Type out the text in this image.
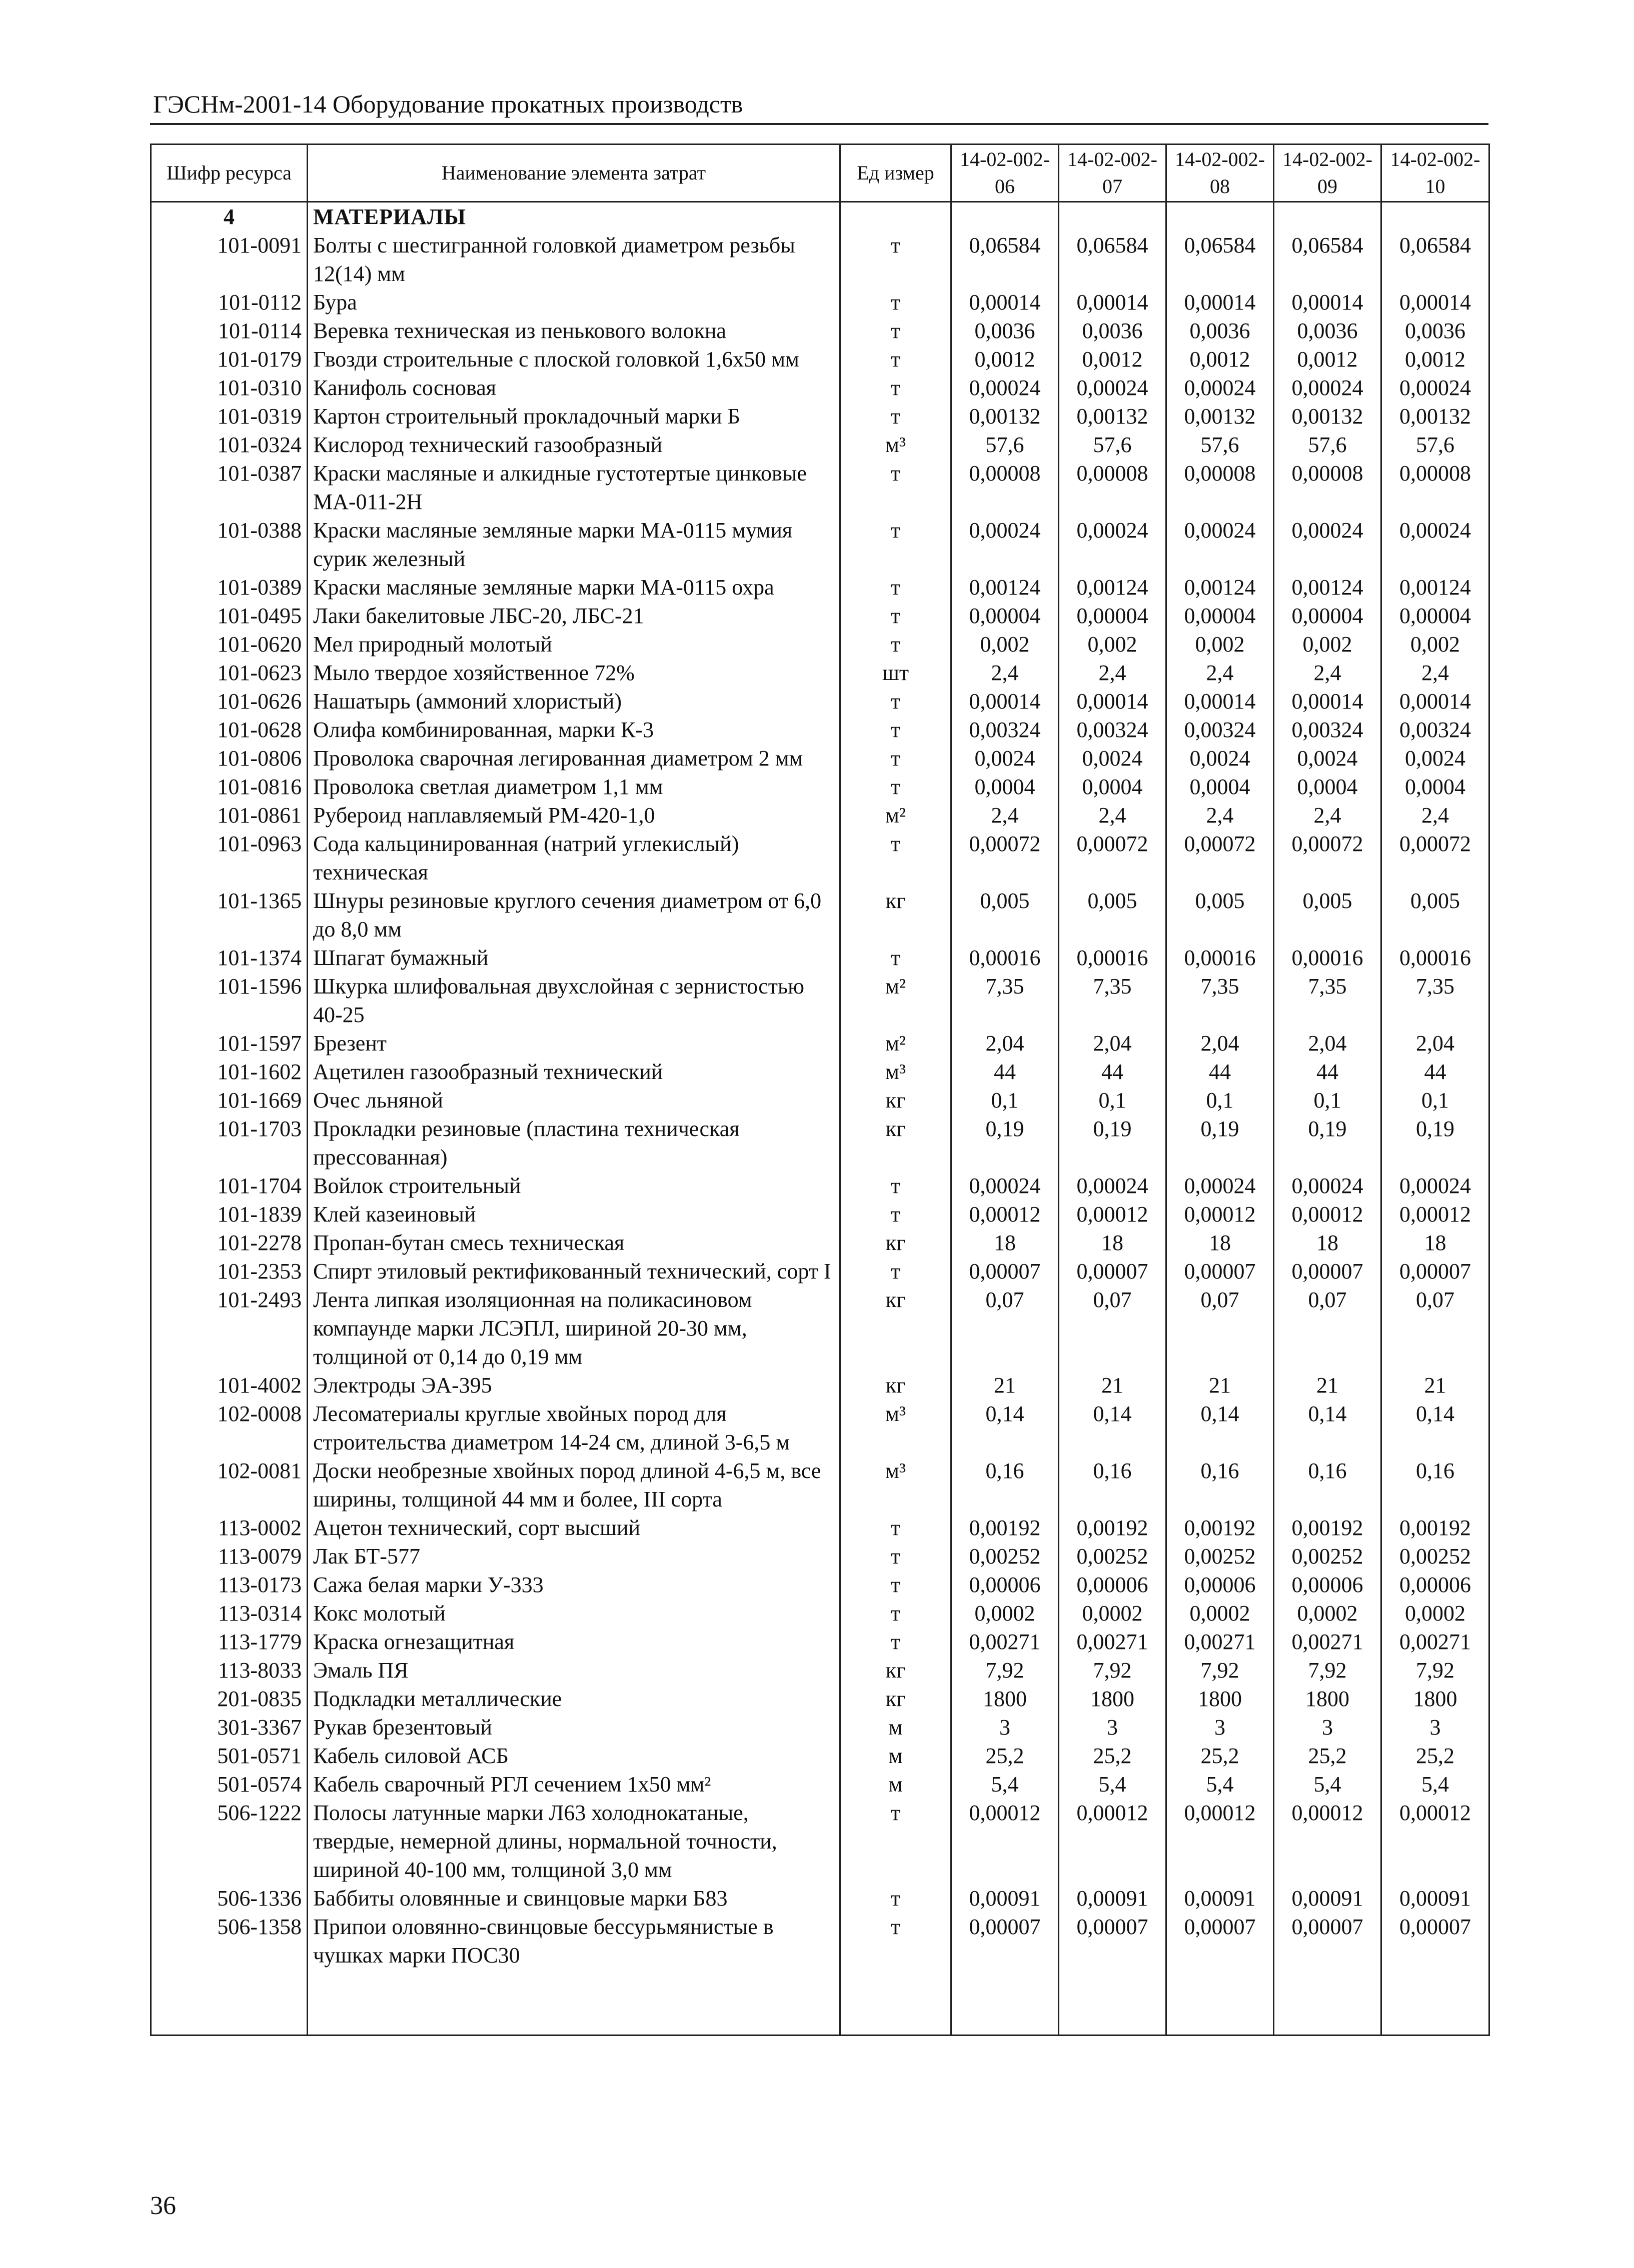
ГЭСНм-2001-14 Оборудование прокатных производств
Шифр ресурса	Наименование элемента затрат	Ед измер	14-02-002-06	14-02-002-07	14-02-002-08	14-02-002-09	14-02-002-10
4	МАТЕРИАЛЫ						
101-0091	Болты с шестигранной головкой диаметром резьбы 12(14) мм	т	0,06584	0,06584	0,06584	0,06584	0,06584
101-0112	Бура	т	0,00014	0,00014	0,00014	0,00014	0,00014
101-0114	Веревка техническая из пенькового волокна	т	0,0036	0,0036	0,0036	0,0036	0,0036
101-0179	Гвозди строительные с плоской головкой 1,6x50 мм	т	0,0012	0,0012	0,0012	0,0012	0,0012
101-0310	Канифоль сосновая	т	0,00024	0,00024	0,00024	0,00024	0,00024
101-0319	Картон строительный прокладочный марки Б	т	0,00132	0,00132	0,00132	0,00132	0,00132
101-0324	Кислород технический газообразный	м³	57,6	57,6	57,6	57,6	57,6
101-0387	Краски масляные и алкидные густотертые цинковые МА-011-2Н	т	0,00008	0,00008	0,00008	0,00008	0,00008
101-0388	Краски масляные земляные марки МА-0115 мумия сурик железный	т	0,00024	0,00024	0,00024	0,00024	0,00024
101-0389	Краски масляные земляные марки МА-0115 охра	т	0,00124	0,00124	0,00124	0,00124	0,00124
101-0495	Лаки бакелитовые ЛБС-20, ЛБС-21	т	0,00004	0,00004	0,00004	0,00004	0,00004
101-0620	Мел природный молотый	т	0,002	0,002	0,002	0,002	0,002
101-0623	Мыло твердое хозяйственное 72%	шт	2,4	2,4	2,4	2,4	2,4
101-0626	Нашатырь (аммоний хлористый)	т	0,00014	0,00014	0,00014	0,00014	0,00014
101-0628	Олифа комбинированная, марки К-3	т	0,00324	0,00324	0,00324	0,00324	0,00324
101-0806	Проволока сварочная легированная диаметром 2 мм	т	0,0024	0,0024	0,0024	0,0024	0,0024
101-0816	Проволока светлая диаметром 1,1 мм	т	0,0004	0,0004	0,0004	0,0004	0,0004
101-0861	Рубероид наплавляемый РМ-420-1,0	м²	2,4	2,4	2,4	2,4	2,4
101-0963	Сода кальцинированная (натрий углекислый) техническая	т	0,00072	0,00072	0,00072	0,00072	0,00072
101-1365	Шнуры резиновые круглого сечения диаметром от 6,0 до 8,0 мм	кг	0,005	0,005	0,005	0,005	0,005
101-1374	Шпагат бумажный	т	0,00016	0,00016	0,00016	0,00016	0,00016
101-1596	Шкурка шлифовальная двухслойная с зернистостью 40-25	м²	7,35	7,35	7,35	7,35	7,35
101-1597	Брезент	м²	2,04	2,04	2,04	2,04	2,04
101-1602	Ацетилен газообразный технический	м³	44	44	44	44	44
101-1669	Очес льняной	кг	0,1	0,1	0,1	0,1	0,1
101-1703	Прокладки резиновые (пластина техническая прессованная)	кг	0,19	0,19	0,19	0,19	0,19
101-1704	Войлок строительный	т	0,00024	0,00024	0,00024	0,00024	0,00024
101-1839	Клей казеиновый	т	0,00012	0,00012	0,00012	0,00012	0,00012
101-2278	Пропан-бутан смесь техническая	кг	18	18	18	18	18
101-2353	Спирт этиловый ректификованный технический, сорт I	т	0,00007	0,00007	0,00007	0,00007	0,00007
101-2493	Лента липкая изоляционная на поликасиновом компаунде марки ЛСЭПЛ, шириной 20-30 мм, толщиной от 0,14 до 0,19 мм	кг	0,07	0,07	0,07	0,07	0,07
101-4002	Электроды ЭА-395	кг	21	21	21	21	21
102-0008	Лесоматериалы круглые хвойных пород для строительства диаметром 14-24 см, длиной 3-6,5 м	м³	0,14	0,14	0,14	0,14	0,14
102-0081	Доски необрезные хвойных пород длиной 4-6,5 м, все ширины, толщиной 44 мм и более, III сорта	м³	0,16	0,16	0,16	0,16	0,16
113-0002	Ацетон технический, сорт высший	т	0,00192	0,00192	0,00192	0,00192	0,00192
113-0079	Лак БТ-577	т	0,00252	0,00252	0,00252	0,00252	0,00252
113-0173	Сажа белая марки У-333	т	0,00006	0,00006	0,00006	0,00006	0,00006
113-0314	Кокс молотый	т	0,0002	0,0002	0,0002	0,0002	0,0002
113-1779	Краска огнезащитная	т	0,00271	0,00271	0,00271	0,00271	0,00271
113-8033	Эмаль ПЯ	кг	7,92	7,92	7,92	7,92	7,92
201-0835	Подкладки металлические	кг	1800	1800	1800	1800	1800
301-3367	Рукав брезентовый	м	3	3	3	3	3
501-0571	Кабель силовой АСБ	м	25,2	25,2	25,2	25,2	25,2
501-0574	Кабель сварочный РГЛ сечением 1х50 мм²	м	5,4	5,4	5,4	5,4	5,4
506-1222	Полосы латунные марки Л63 холоднокатаные, твердые, немерной длины, нормальной точности, шириной 40-100 мм, толщиной 3,0 мм	т	0,00012	0,00012	0,00012	0,00012	0,00012
506-1336	Баббиты оловянные и свинцовые марки Б83	т	0,00091	0,00091	0,00091	0,00091	0,00091
506-1358	Припои оловянно-свинцовые бессурьмянистые в чушках марки ПОС30	т	0,00007	0,00007	0,00007	0,00007	0,00007

36
